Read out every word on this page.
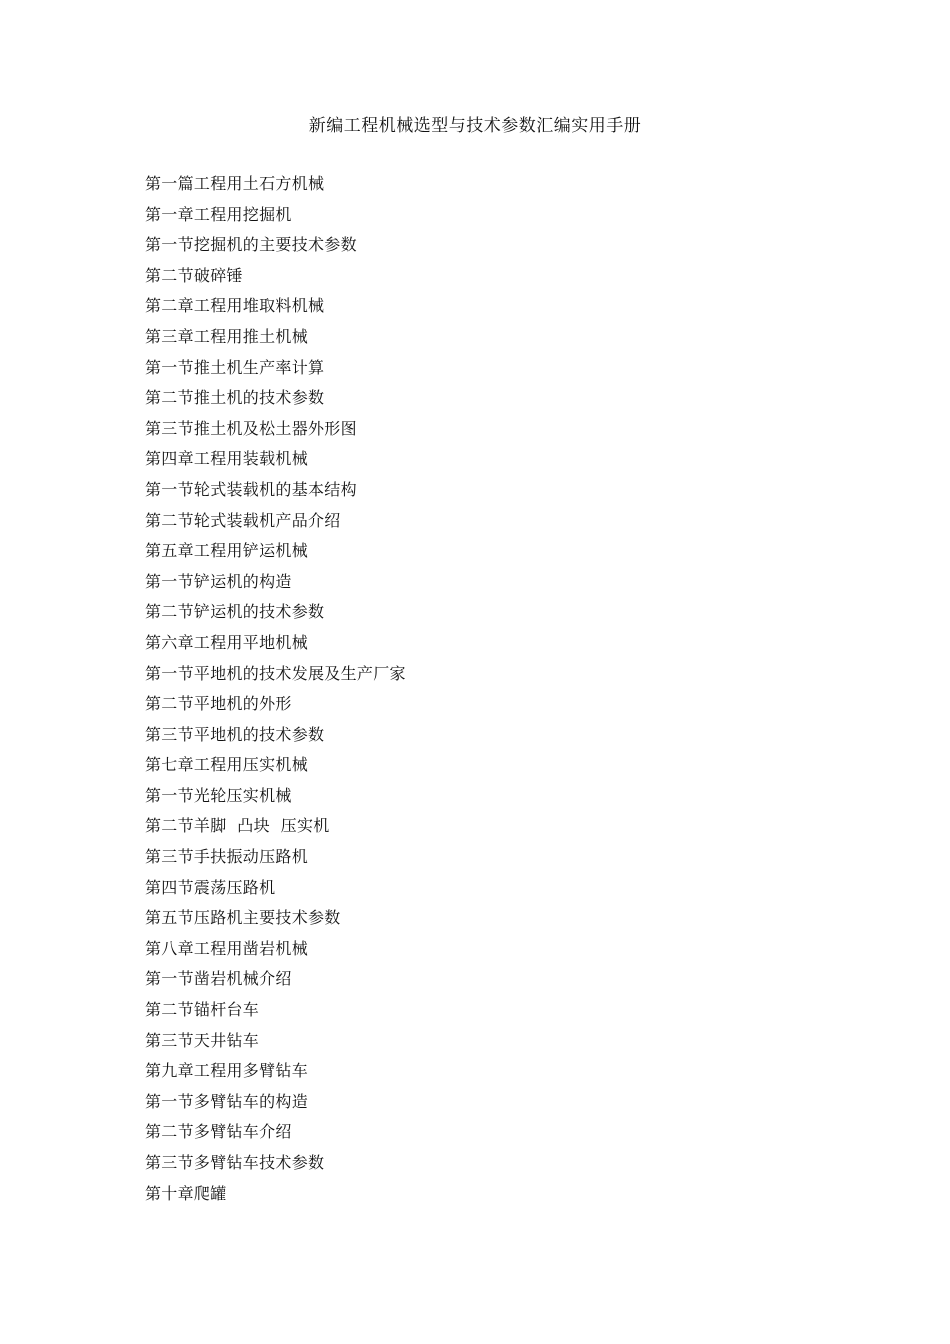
新编工程机械选型与技术参数汇编实用手册
第一篇工程用土石方机械
第一章工程用挖掘机
第一节挖掘机的主要技术参数
第二节破碎锤
第二章工程用堆取料机械
第三章工程用推土机械
第一节推土机生产率计算
第二节推土机的技术参数
第三节推土机及松土器外形图
第四章工程用装载机械
第一节轮式装载机的基本结构
第二节轮式装载机产品介绍
第五章工程用铲运机械
第一节铲运机的构造
第二节铲运机的技术参数
第六章工程用平地机械
第一节平地机的技术发展及生产厂家
第二节平地机的外形
第三节平地机的技术参数
第七章工程用压实机械
第一节光轮压实机械
第二节羊脚  凸块  压实机
第三节手扶振动压路机
第四节震荡压路机
第五节压路机主要技术参数
第八章工程用凿岩机械
第一节凿岩机械介绍
第二节锚杆台车
第三节天井钻车
第九章工程用多臂钻车
第一节多臂钻车的构造
第二节多臂钻车介绍
第三节多臂钻车技术参数
第十章爬罐
